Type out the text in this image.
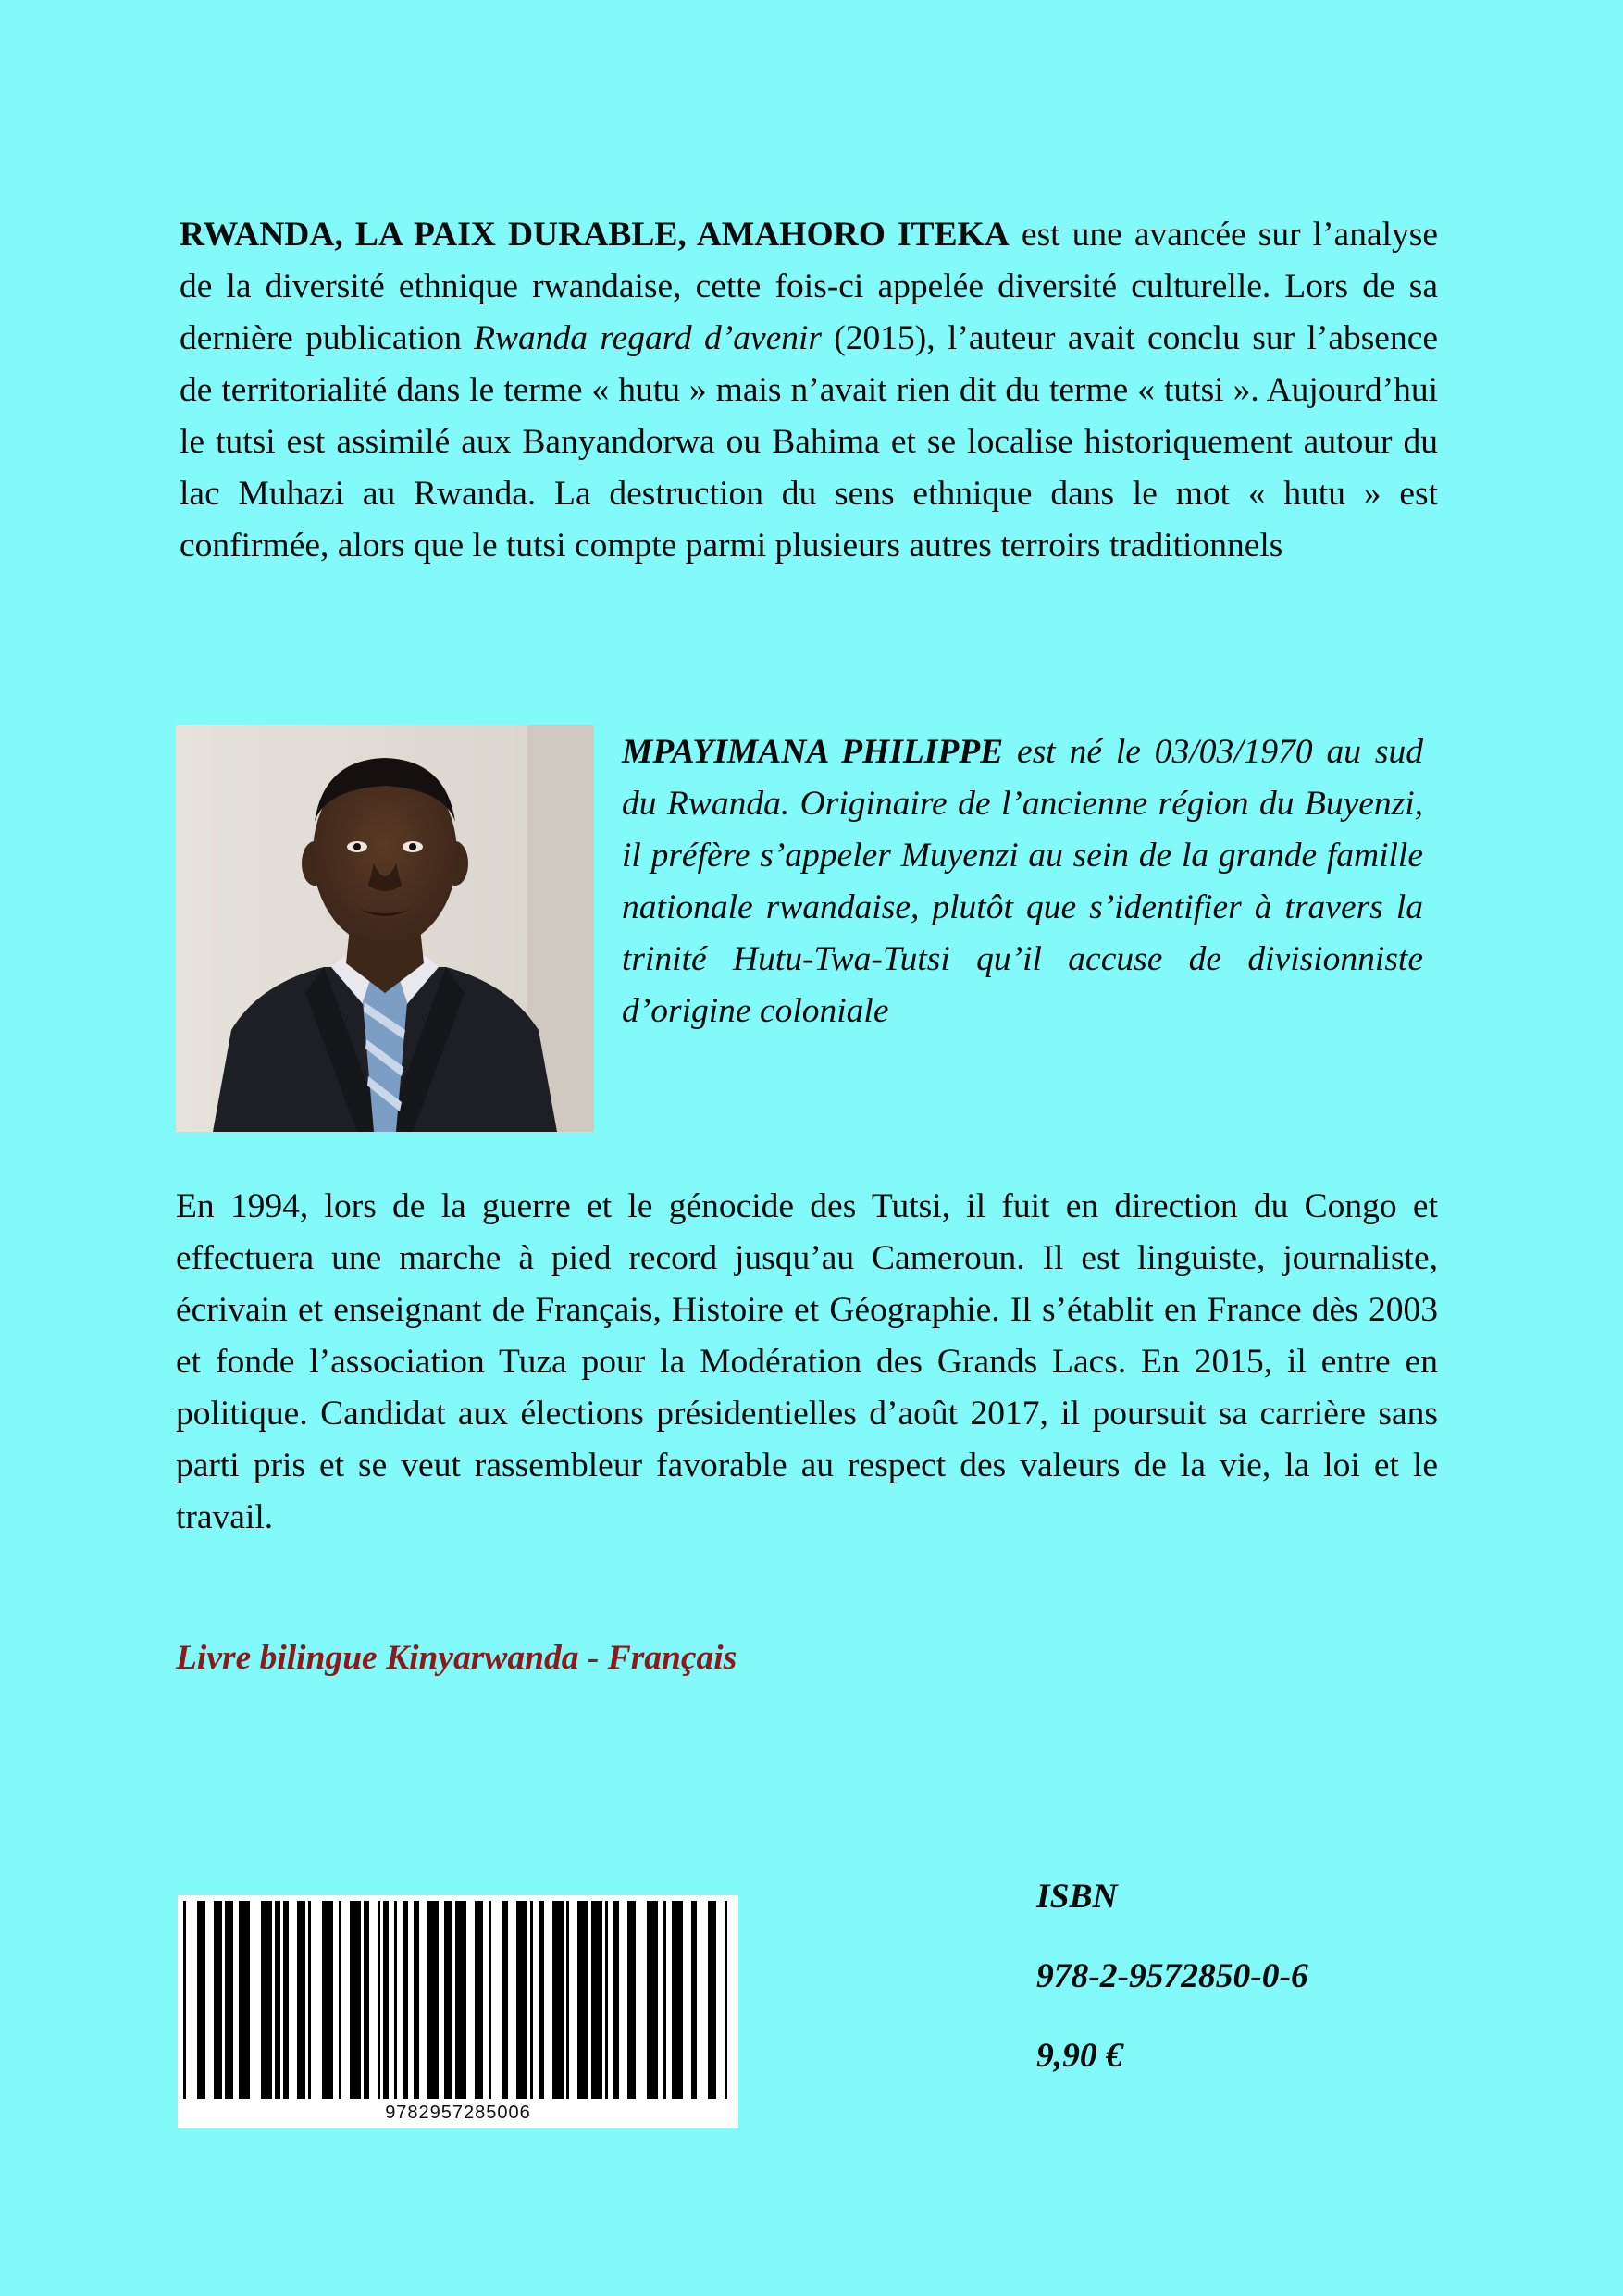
RWANDA, LA PAIX DURABLE, AMAHORO ITEKA est une avancée sur l’analyse de la diversité ethnique rwandaise, cette fois-ci appelée diversité culturelle. Lors de sa dernière publication Rwanda regard d’avenir (2015), l’auteur avait conclu sur l’absence de territorialité dans le terme « hutu » mais n’avait rien dit du terme « tutsi ». Aujourd’hui le tutsi est assimilé aux Banyandorwa ou Bahima et se localise historiquement autour du lac Muhazi au Rwanda. La destruction du sens ethnique dans le mot « hutu » est confirmée, alors que le tutsi compte parmi plusieurs autres terroirs traditionnels

MPAYIMANA PHILIPPE est né le 03/03/1970 au sud du Rwanda. Originaire de l’ancienne région du Buyenzi, il préfère s’appeler Muyenzi au sein de la grande famille nationale rwandaise, plutôt que s’identifier à travers la trinité Hutu-Twa-Tutsi qu’il accuse de divisionniste d’origine coloniale

En 1994, lors de la guerre et le génocide des Tutsi, il fuit en direction du Congo et effectuera une marche à pied record jusqu’au Cameroun. Il est linguiste, journaliste, écrivain et enseignant de Français, Histoire et Géographie. Il s’établit en France dès 2003 et fonde l’association Tuza pour la Modération des Grands Lacs. En 2015, il entre en politique. Candidat aux élections présidentielles d’août 2017, il poursuit sa carrière sans parti pris et se veut rassembleur favorable au respect des valeurs de la vie, la loi et le travail.

Livre bilingue Kinyarwanda - Français

9782957285006

ISBN

978-2-9572850-0-6

9,90 €
